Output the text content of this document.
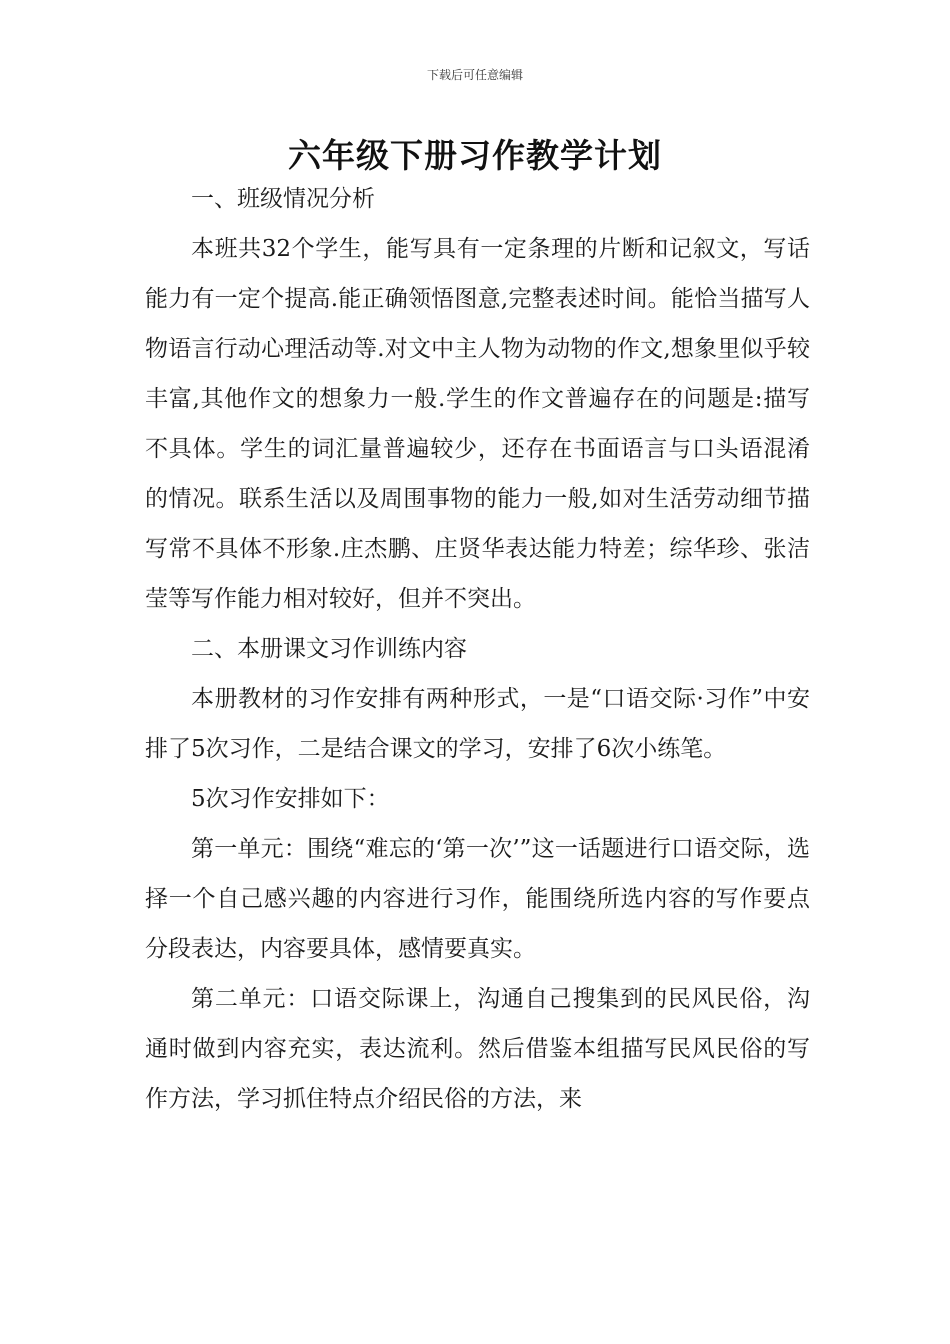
下载后可任意编辑
六年级下册习作教学计划

一、班级情况分析

本班共32个学生，能写具有一定条理的片断和记叙文，写话能力有一定个提高.能正确领悟图意,完整表述时间。能恰当描写人物语言行动心理活动等.对文中主人物为动物的作文,想象里似乎较丰富,其他作文的想象力一般.学生的作文普遍存在的问题是:描写不具体。学生的词汇量普遍较少，还存在书面语言与口头语混淆的情况。联系生活以及周围事物的能力一般,如对生活劳动细节描写常不具体不形象.庄杰鹏、庄贤华表达能力特差；综华珍、张洁莹等写作能力相对较好，但并不突出。

二、本册课文习作训练内容

本册教材的习作安排有两种形式，一是“口语交际·习作”中安排了5次习作，二是结合课文的学习，安排了6次小练笔。

5次习作安排如下：

第一单元：围绕“难忘的‘第一次’”这一话题进行口语交际，选择一个自己感兴趣的内容进行习作，能围绕所选内容的写作要点分段表达，内容要具体，感情要真实。

第二单元：口语交际课上，沟通自己搜集到的民风民俗，沟通时做到内容充实，表达流利。然后借鉴本组描写民风民俗的写作方法，学习抓住特点介绍民俗的方法，来
